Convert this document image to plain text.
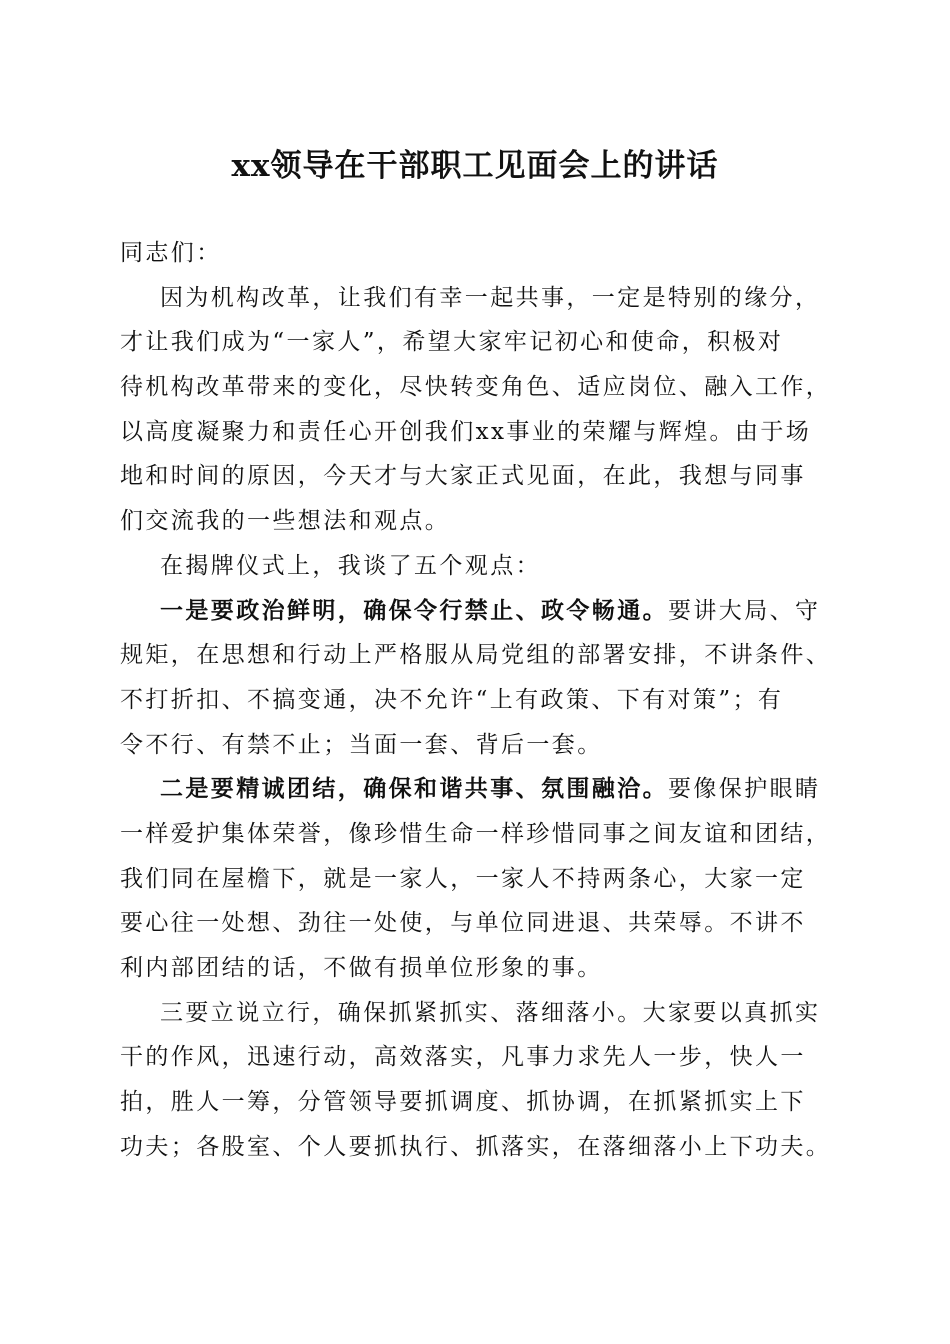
xx领导在干部职工见面会上的讲话
同志们：
因为机构改革，让我们有幸一起共事，一定是特别的缘分，
才让我们成为“一家人”，希望大家牢记初心和使命，积极对
待机构改革带来的变化，尽快转变角色、适应岗位、融入工作，
以高度凝聚力和责任心开创我们xx事业的荣耀与辉煌。由于场
地和时间的原因，今天才与大家正式见面，在此，我想与同事
们交流我的一些想法和观点。
在揭牌仪式上，我谈了五个观点：
一是要政治鲜明，确保令行禁止、政令畅通。要讲大局、守
规矩，在思想和行动上严格服从局党组的部署安排，不讲条件、
不打折扣、不搞变通，决不允许“上有政策、下有对策”；有
令不行、有禁不止；当面一套、背后一套。
二是要精诚团结，确保和谐共事、氛围融洽。要像保护眼睛
一样爱护集体荣誉，像珍惜生命一样珍惜同事之间友谊和团结，
我们同在屋檐下，就是一家人，一家人不持两条心，大家一定
要心往一处想、劲往一处使，与单位同进退、共荣辱。不讲不
利内部团结的话，不做有损单位形象的事。
三要立说立行，确保抓紧抓实、落细落小。大家要以真抓实
干的作风，迅速行动，高效落实，凡事力求先人一步，快人一
拍，胜人一筹，分管领导要抓调度、抓协调，在抓紧抓实上下
功夫；各股室、个人要抓执行、抓落实，在落细落小上下功夫。
